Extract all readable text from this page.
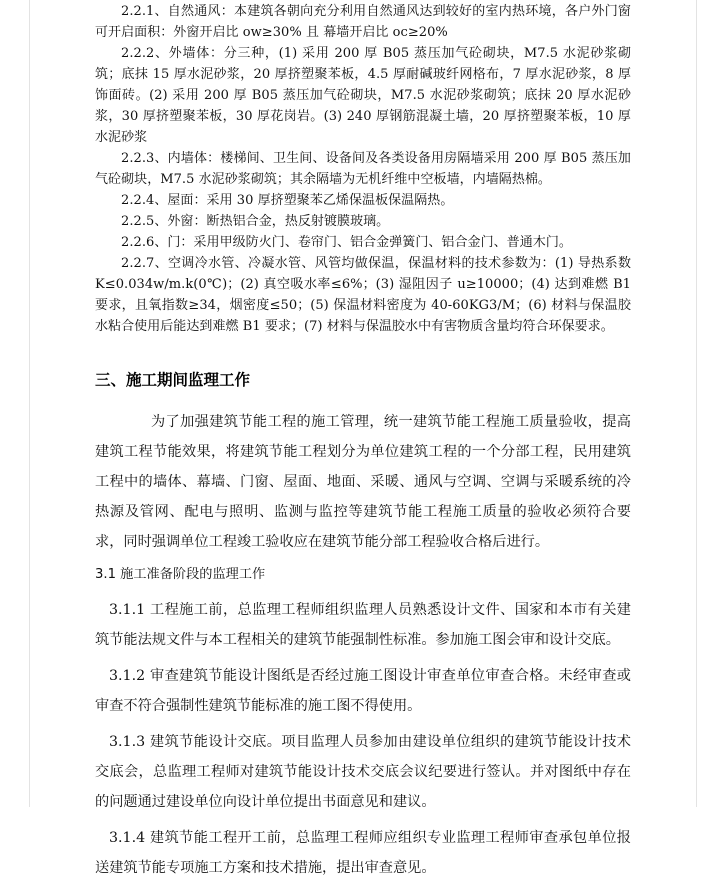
2.2.1、自然通风：本建筑各朝向充分利用自然通风达到较好的室内热环境，各户外门窗可开启面积：外窗开启比 ow≥30% 且 幕墙开启比 oc≥20%

2.2.2、外墙体：分三种，(1) 采用 200 厚 B05 蒸压加气砼砌块，M7.5 水泥砂浆砌筑；底抹 15 厚水泥砂浆，20 厚挤塑聚苯板，4.5 厚耐碱玻纤网格布，7 厚水泥砂浆，8 厚饰面砖。(2) 采用 200 厚 B05 蒸压加气砼砌块，M7.5 水泥砂浆砌筑；底抹 20 厚水泥砂浆，30 厚挤塑聚苯板，30 厚花岗岩。(3) 240 厚钢筋混凝土墙，20 厚挤塑聚苯板，10 厚水泥砂浆

2.2.3、内墙体：楼梯间、卫生间、设备间及各类设备用房隔墙采用 200 厚 B05 蒸压加气砼砌块，M7.5 水泥砂浆砌筑；其余隔墙为无机纤维中空板墙，内墙隔热棉。

2.2.4、屋面：采用 30 厚挤塑聚苯乙烯保温板保温隔热。

2.2.5、外窗：断热铝合金，热反射镀膜玻璃。

2.2.6、门：采用甲级防火门、卷帘门、铝合金弹簧门、铝合金门、普通木门。

2.2.7、空调冷水管、冷凝水管、风管均做保温，保温材料的技术参数为：(1) 导热系数 K≤0.034w/m.k(0℃)；(2) 真空吸水率≤6%；(3) 湿阻因子 u≥10000；(4) 达到难燃 B1 要求，且氧指数≥34，烟密度≤50；(5) 保温材料密度为 40-60KG3/M；(6) 材料与保温胶水粘合使用后能达到难燃 B1 要求；(7) 材料与保温胶水中有害物质含量均符合环保要求。

三、施工期间监理工作

为了加强建筑节能工程的施工管理，统一建筑节能工程施工质量验收，提高建筑工程节能效果，将建筑节能工程划分为单位建筑工程的一个分部工程，民用建筑工程中的墙体、幕墙、门窗、屋面、地面、采暖、通风与空调、空调与采暖系统的冷热源及管网、配电与照明、监测与监控等建筑节能工程施工质量的验收必须符合要求，同时强调单位工程竣工验收应在建筑节能分部工程验收合格后进行。

3.1 施工准备阶段的监理工作

3.1.1 工程施工前，总监理工程师组织监理人员熟悉设计文件、国家和本市有关建筑节能法规文件与本工程相关的建筑节能强制性标准。参加施工图会审和设计交底。

3.1.2 审查建筑节能设计图纸是否经过施工图设计审查单位审查合格。未经审查或审查不符合强制性建筑节能标准的施工图不得使用。

3.1.3 建筑节能设计交底。项目监理人员参加由建设单位组织的建筑节能设计技术交底会，总监理工程师对建筑节能设计技术交底会议纪要进行签认。并对图纸中存在的问题通过建设单位向设计单位提出书面意见和建议。

3.1.4 建筑节能工程开工前，总监理工程师应组织专业监理工程师审查承包单位报送建筑节能专项施工方案和技术措施，提出审查意见。
